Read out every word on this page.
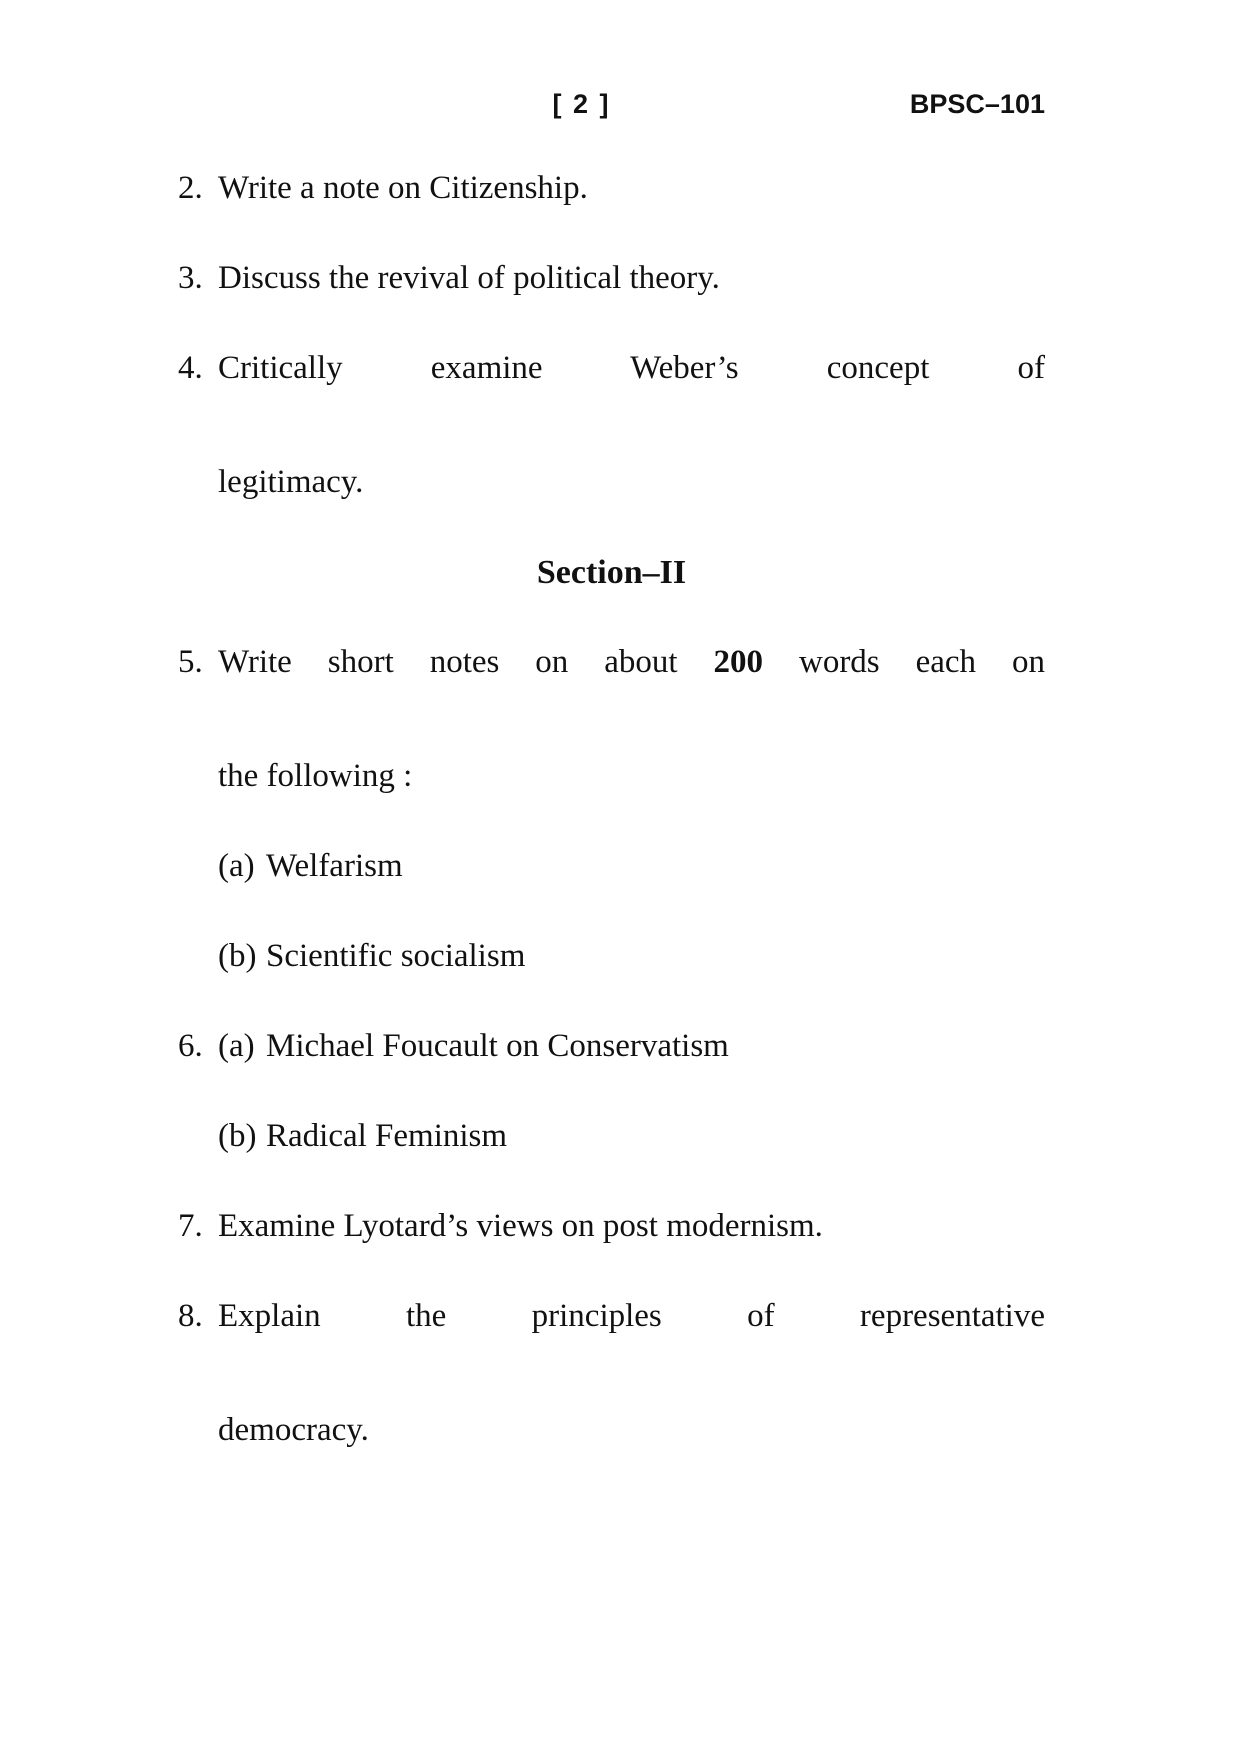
[ 2 ]	BPSC–101
2. Write a note on Citizenship.
3. Discuss the revival of political theory.
4. Critically examine Weber’s concept of
legitimacy.
Section–II
5. Write short notes on about 200 words each on
the following :
(a) Welfarism
(b) Scientific socialism
6. (a) Michael Foucault on Conservatism
(b) Radical Feminism
7. Examine Lyotard’s views on post modernism.
8. Explain the principles of representative
democracy.
